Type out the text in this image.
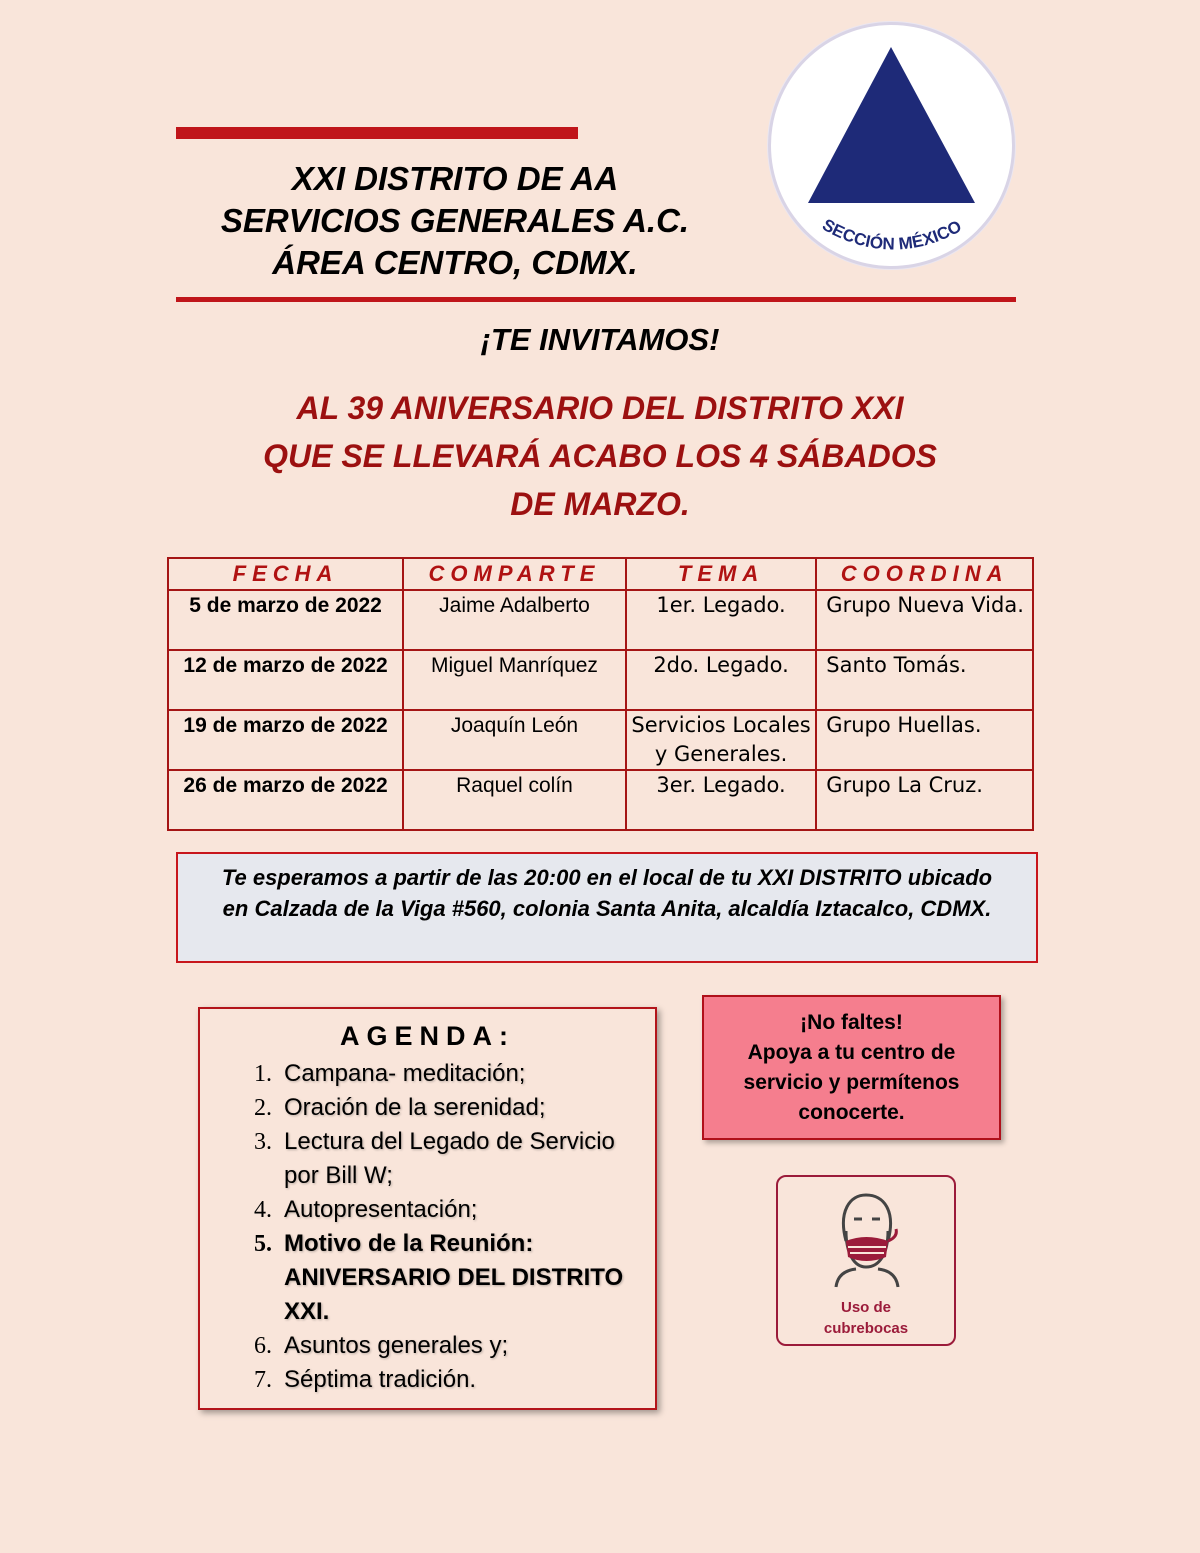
XXI DISTRITO DE AA
SERVICIOS GENERALES A.C.
ÁREA CENTRO, CDMX.
SECCIÓN MÉXICO
¡TE INVITAMOS!
AL 39 ANIVERSARIO DEL DISTRITO XXI
QUE SE LLEVARÁ ACABO LOS 4 SÁBADOS
DE MARZO.
FECHA	COMPARTE	TEMA	COORDINA
5 de marzo de 2022	Jaime Adalberto	1er. Legado.	Grupo Nueva Vida.
12 de marzo de 2022	Miguel Manríquez	2do. Legado.	Santo Tomás.
19 de marzo de 2022	Joaquín León	Servicios Locales y Generales.	Grupo Huellas.
26 de marzo de 2022	Raquel colín	3er. Legado.	Grupo La Cruz.
Te esperamos a partir de las 20:00 en el local de tu XXI DISTRITO ubicado en Calzada de la Viga #560, colonia Santa Anita, alcaldía Iztacalco, CDMX.
AGENDA:
1. Campana- meditación;
2. Oración de la serenidad;
3. Lectura del Legado de Servicio por Bill W;
4. Autopresentación;
5. Motivo de la Reunión: ANIVERSARIO DEL DISTRITO XXI.
6. Asuntos generales y;
7. Séptima tradición.
¡No faltes!
Apoya a tu centro de
servicio y permítenos
conocerte.
Uso de
cubrebocas
